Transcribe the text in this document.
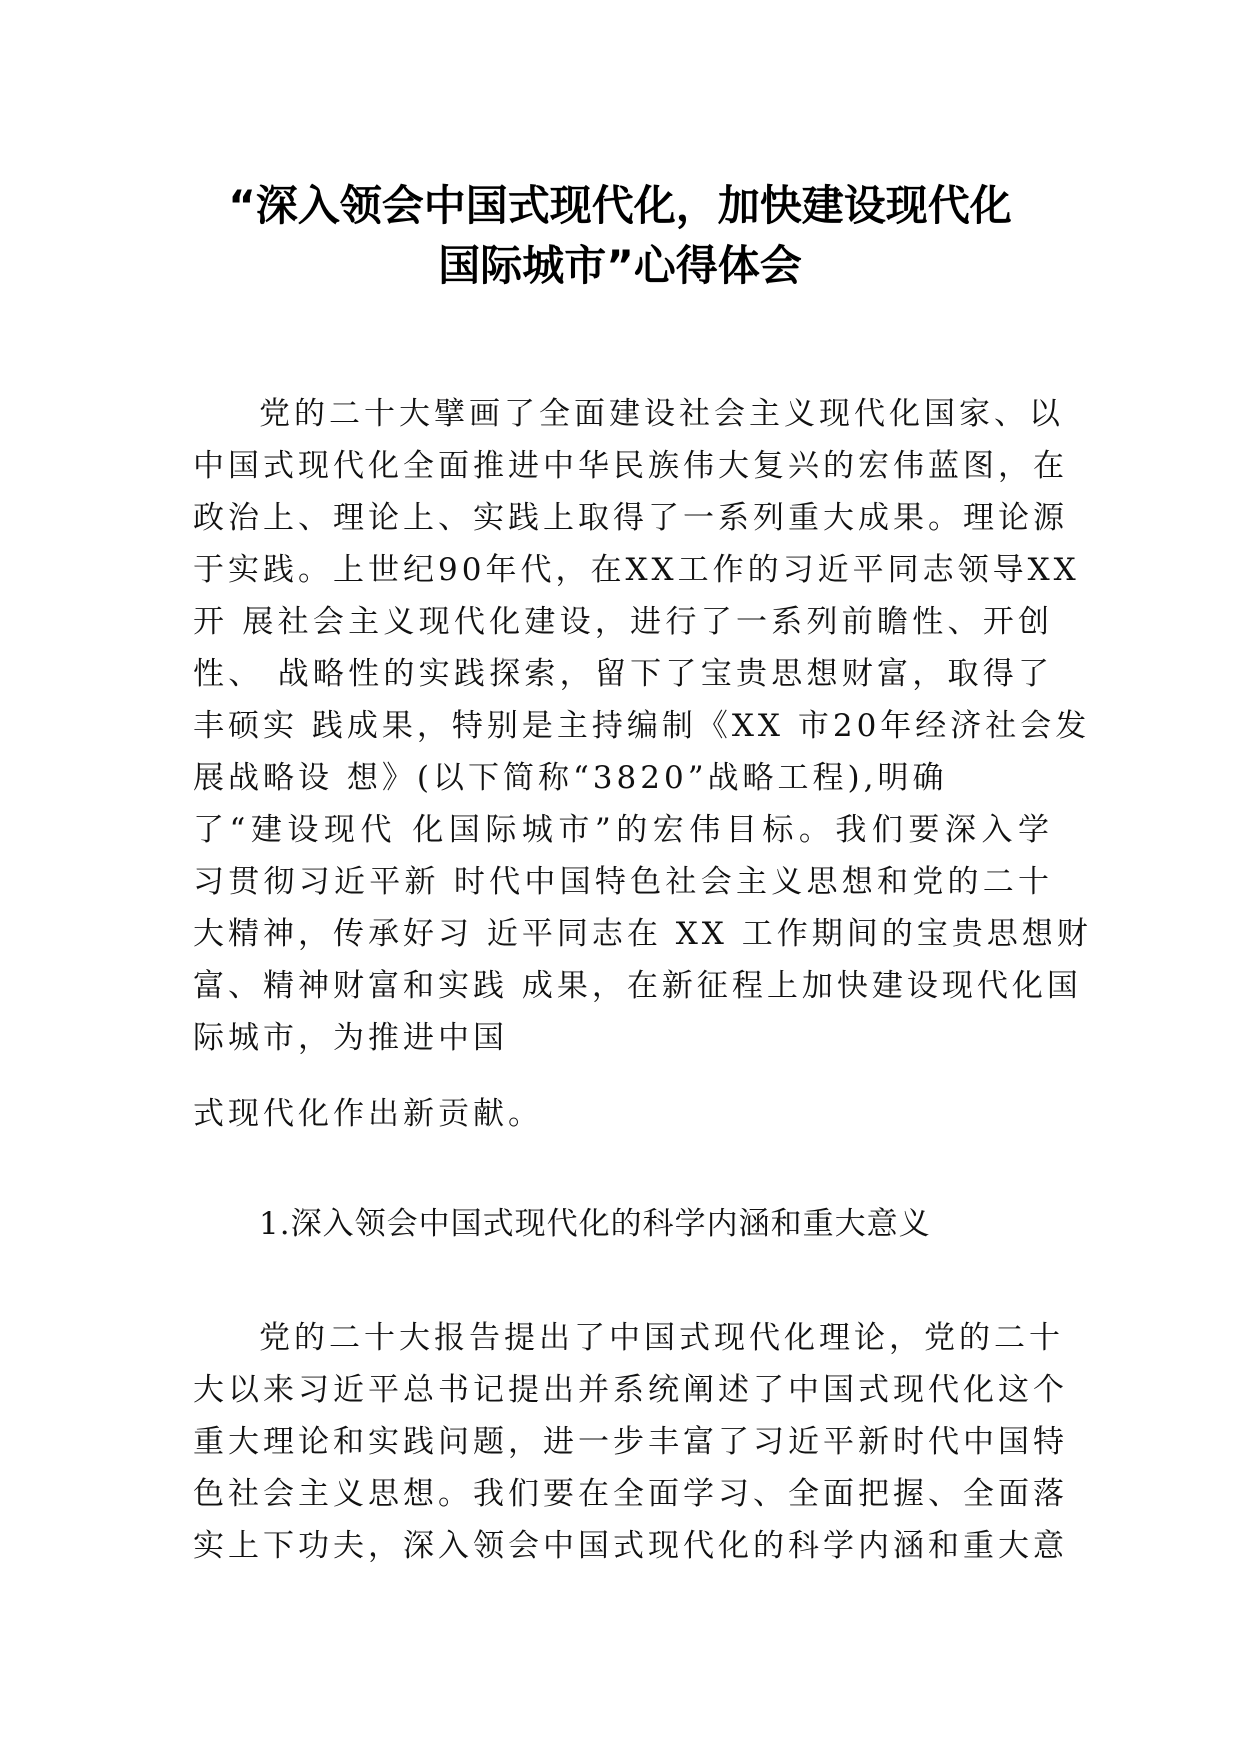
“深入领会中国式现代化，加快建设现代化
国际城市”心得体会
党的二十大擘画了全面建设社会主义现代化国家、以
中国式现代化全面推进中华民族伟大复兴的宏伟蓝图，在
政治上、理论上、实践上取得了一系列重大成果。理论源
于实践。上世纪90年代，在XX工作的习近平同志领导XX
开 展社会主义现代化建设，进行了一系列前瞻性、开创
性、 战略性的实践探索，留下了宝贵思想财富，取得了
丰硕实 践成果，特别是主持编制《XX 市20年经济社会发
展战略设 想》(以下简称“3820”战略工程),明确
了“建设现代 化国际城市”的宏伟目标。我们要深入学
习贯彻习近平新 时代中国特色社会主义思想和党的二十
大精神，传承好习 近平同志在 XX 工作期间的宝贵思想财
富、精神财富和实践 成果，在新征程上加快建设现代化国
际城市，为推进中国
式现代化作出新贡献。
1.深入领会中国式现代化的科学内涵和重大意义
党的二十大报告提出了中国式现代化理论，党的二十
大以来习近平总书记提出并系统阐述了中国式现代化这个
重大理论和实践问题，进一步丰富了习近平新时代中国特
色社会主义思想。我们要在全面学习、全面把握、全面落
实上下功夫，深入领会中国式现代化的科学内涵和重大意
